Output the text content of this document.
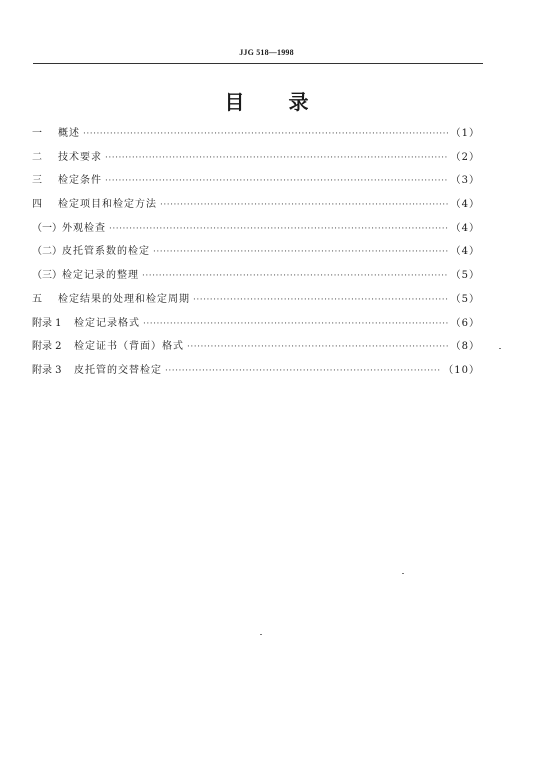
JJG 518—1998
目录
一	概述 ·····	（1）
二	技术要求 ·····	（2）
三	检定条件 ·····	（3）
四	检定项目和检定方法 ·····	（4）
（一） 外观检查 ·····	（4）
（二） 皮托管系数的检定 ·····	（4）
（三） 检定记录的整理 ·····	（5）
五	检定结果的处理和检定周期 ·····	（5）
附录 1	检定记录格式 ·····	（6）
附录 2	检定证书（背面）格式 ·····	（8）
附录 3	皮托管的交替检定 ·····	（10）
